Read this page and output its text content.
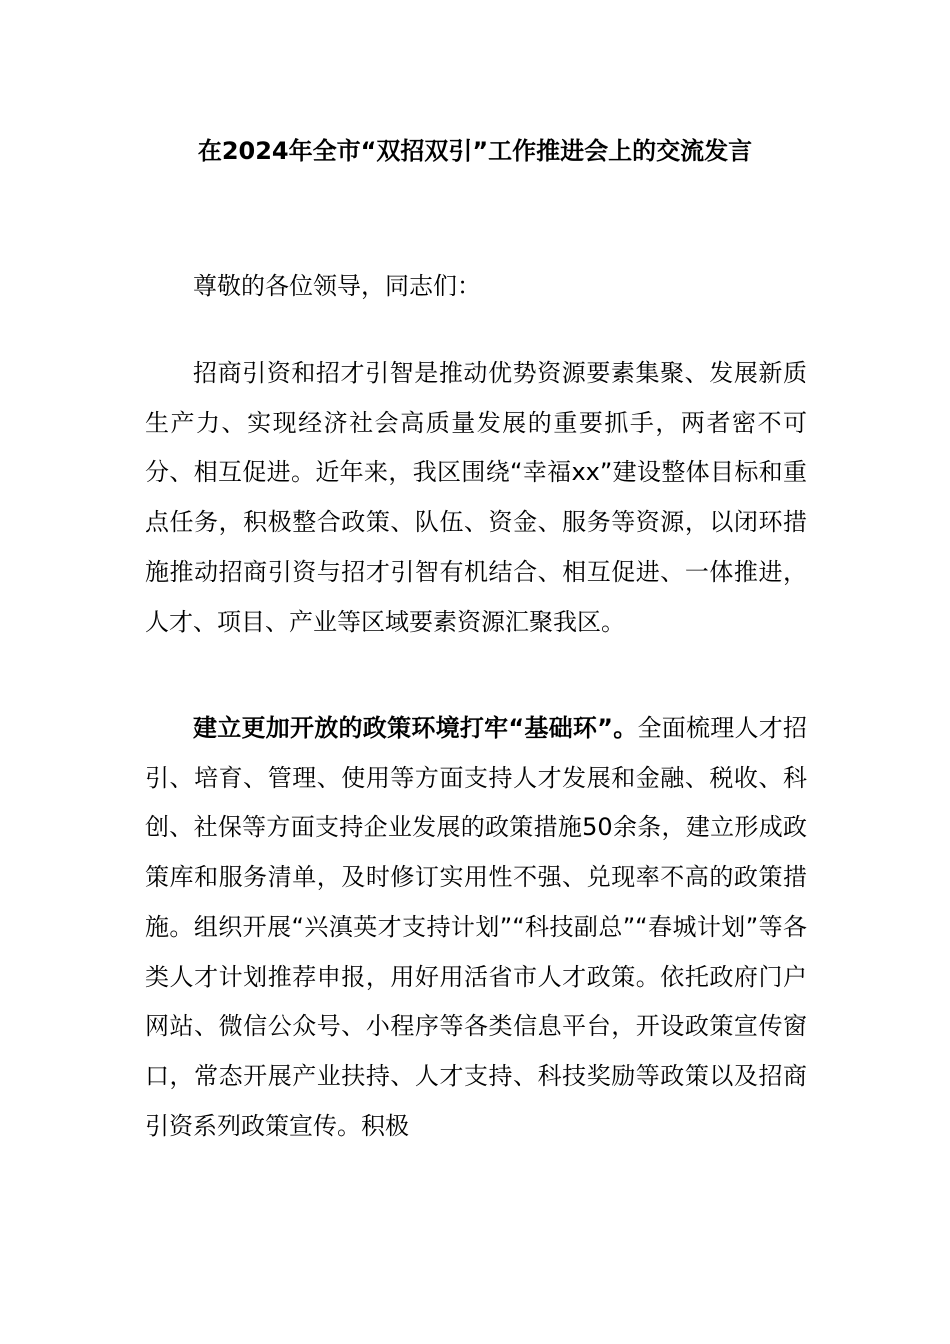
在2024年全市“双招双引”工作推进会上的交流发言

尊敬的各位领导，同志们：

招商引资和招才引智是推动优势资源要素集聚、发展新质生产力、实现经济社会高质量发展的重要抓手，两者密不可分、相互促进。近年来，我区围绕“幸福xx”建设整体目标和重点任务，积极整合政策、队伍、资金、服务等资源，以闭环措施推动招商引资与招才引智有机结合、相互促进、一体推进，人才、项目、产业等区域要素资源汇聚我区。

建立更加开放的政策环境打牢“基础环”。全面梳理人才招引、培育、管理、使用等方面支持人才发展和金融、税收、科创、社保等方面支持企业发展的政策措施50余条，建立形成政策库和服务清单，及时修订实用性不强、兑现率不高的政策措施。组织开展“兴滇英才支持计划”“科技副总”“春城计划”等各类人才计划推荐申报，用好用活省市人才政策。依托政府门户网站、微信公众号、小程序等各类信息平台，开设政策宣传窗口，常态开展产业扶持、人才支持、科技奖励等政策以及招商引资系列政策宣传。积极
